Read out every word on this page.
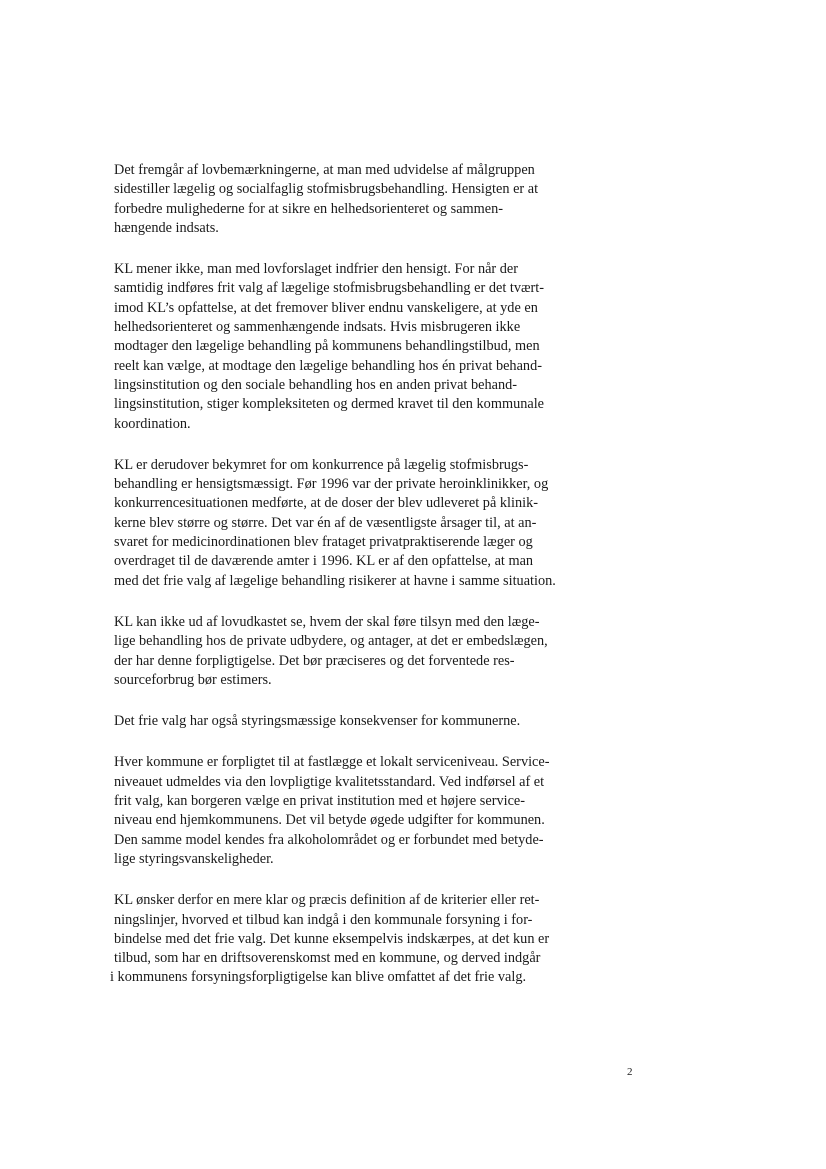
Det fremgår af lovbemærkningerne, at man med udvidelse af målgruppen
sidestiller lægelig og socialfaglig stofmisbrugsbehandling. Hensigten er at
forbedre mulighederne for at sikre en helhedsorienteret og sammen-
hængende indsats.

KL mener ikke, man med lovforslaget indfrier den hensigt. For når der
samtidig indføres frit valg af lægelige stofmisbrugsbehandling er det tvært-
imod KL’s opfattelse, at det fremover bliver endnu vanskeligere, at yde en
helhedsorienteret og sammenhængende indsats. Hvis misbrugeren ikke
modtager den lægelige behandling på kommunens behandlingstilbud, men
reelt kan vælge, at modtage den lægelige behandling hos én privat behand-
lingsinstitution og den sociale behandling hos en anden privat behand-
lingsinstitution, stiger kompleksiteten og dermed kravet til den kommunale
koordination.

KL er derudover bekymret for om konkurrence på lægelig stofmisbrugs-
behandling er hensigtsmæssigt. Før 1996 var der private heroinklinikker, og
konkurrencesituationen medførte, at de doser der blev udleveret på klinik-
kerne blev større og større. Det var én af de væsentligste årsager til, at an-
svaret for medicinordinationen blev frataget privatpraktiserende læger og
overdraget til de daværende amter i 1996. KL er af den opfattelse, at man
med det frie valg af lægelige behandling risikerer at havne i samme situation.

KL kan ikke ud af lovudkastet se, hvem der skal føre tilsyn med den læge-
lige behandling hos de private udbydere, og antager, at det er embedslægen,
der har denne forpligtigelse. Det bør præciseres og det forventede res-
sourceforbrug bør estimers.

Det frie valg har også styringsmæssige konsekvenser for kommunerne.

Hver kommune er forpligtet til at fastlægge et lokalt serviceniveau. Service-
niveauet udmeldes via den lovpligtige kvalitetsstandard. Ved indførsel af et
frit valg, kan borgeren vælge en privat institution med et højere service-
niveau end hjemkommunens. Det vil betyde øgede udgifter for kommunen.
Den samme model kendes fra alkoholområdet og er forbundet med betyde-
lige styringsvanskeligheder.

KL ønsker derfor en mere klar og præcis definition af de kriterier eller ret-
ningslinjer, hvorved et tilbud kan indgå i den kommunale forsyning i for-
bindelse med det frie valg. Det kunne eksempelvis indskærpes, at det kun er
tilbud, som har en driftsoverenskomst med en kommune, og derved indgår
i kommunens forsyningsforpligtigelse kan blive omfattet af det frie valg.

2
